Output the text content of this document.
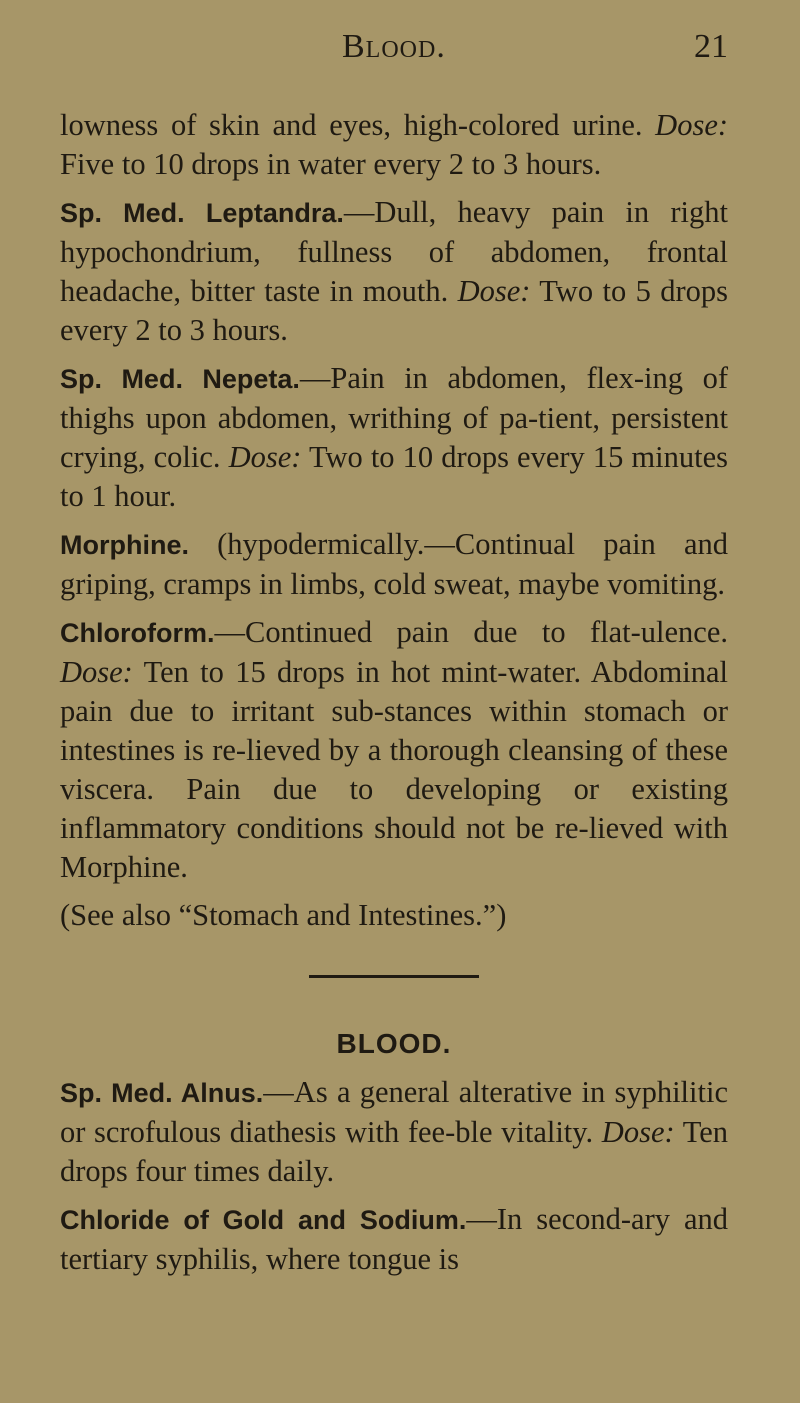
Blood.	21

lowness of skin and eyes, high-colored urine. Dose: Five to 10 drops in water every 2 to 3 hours.

Sp. Med. Leptandra.—Dull, heavy pain in right hypochondrium, fullness of abdomen, frontal headache, bitter taste in mouth. Dose: Two to 5 drops every 2 to 3 hours.

Sp. Med. Nepeta.—Pain in abdomen, flex-ing of thighs upon abdomen, writhing of pa-tient, persistent crying, colic. Dose: Two to 10 drops every 15 minutes to 1 hour.

Morphine. (hypodermically.—Continual pain and griping, cramps in limbs, cold sweat, maybe vomiting.

Chloroform.—Continued pain due to flat-ulence. Dose: Ten to 15 drops in hot mint-water. Abdominal pain due to irritant sub-stances within stomach or intestines is re-lieved by a thorough cleansing of these viscera. Pain due to developing or existing inflammatory conditions should not be re-lieved with Morphine.

(See also “Stomach and Intestines.”)

BLOOD.

Sp. Med. Alnus.—As a general alterative in syphilitic or scrofulous diathesis with fee-ble vitality. Dose: Ten drops four times daily.

Chloride of Gold and Sodium.—In second-ary and tertiary syphilis, where tongue is
